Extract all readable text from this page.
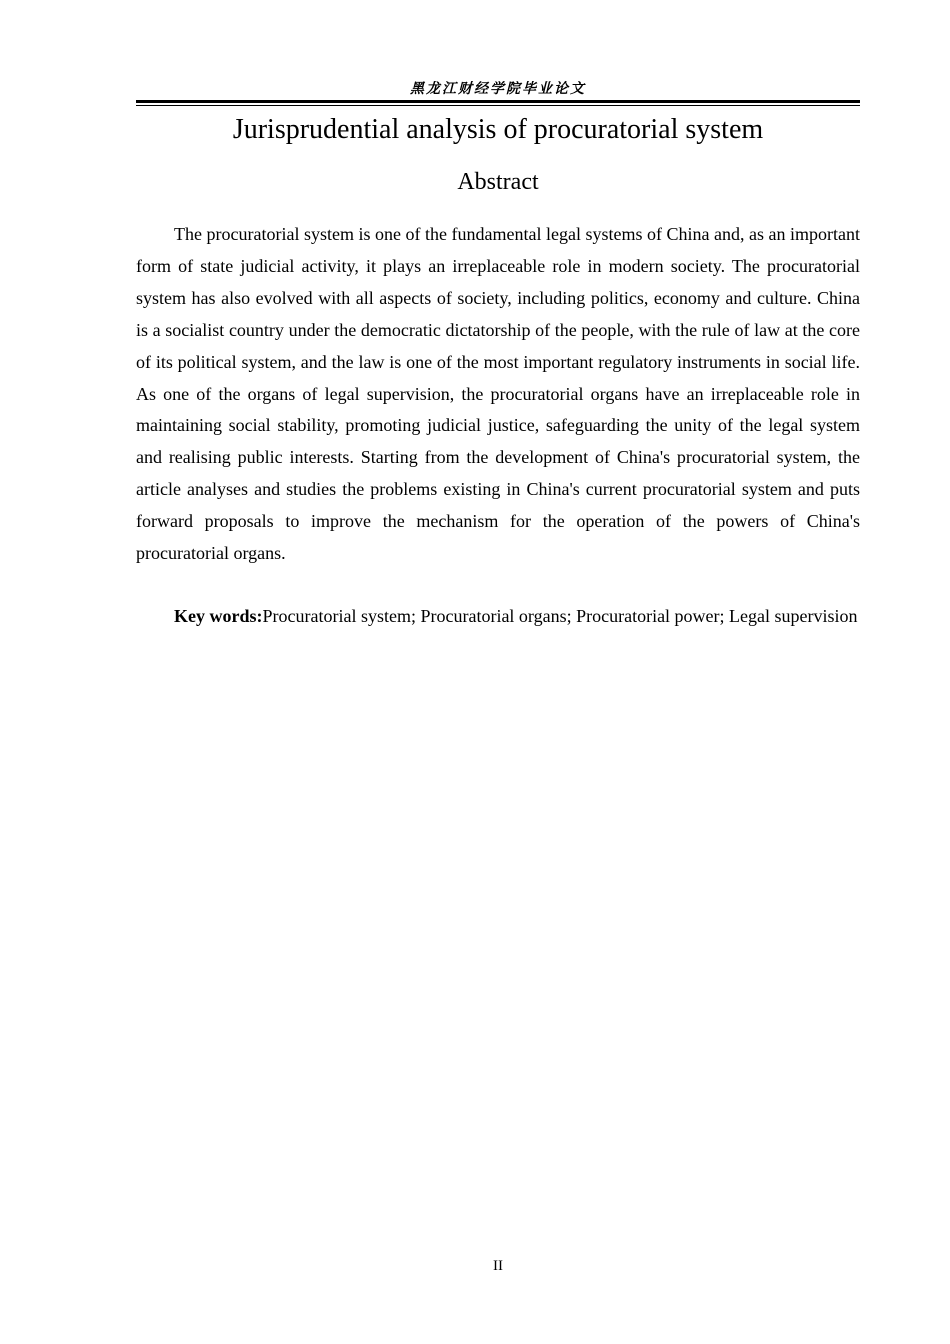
黑龙江财经学院毕业论文
Jurisprudential analysis of procuratorial system
Abstract

The procuratorial system is one of the fundamental legal systems of China and, as an important form of state judicial activity, it plays an irreplaceable role in modern society. The procuratorial system has also evolved with all aspects of society, including politics, economy and culture. China is a socialist country under the democratic dictatorship of the people, with the rule of law at the core of its political system, and the law is one of the most important regulatory instruments in social life. As one of the organs of legal supervision, the procuratorial organs have an irreplaceable role in maintaining social stability, promoting judicial justice, safeguarding the unity of the legal system and realising public interests. Starting from the development of China's procuratorial system, the article analyses and studies the problems existing in China's current procuratorial system and puts forward proposals to improve the mechanism for the operation of the powers of China's procuratorial organs.

Key words:Procuratorial system; Procuratorial organs; Procuratorial power; Legal supervision

II
